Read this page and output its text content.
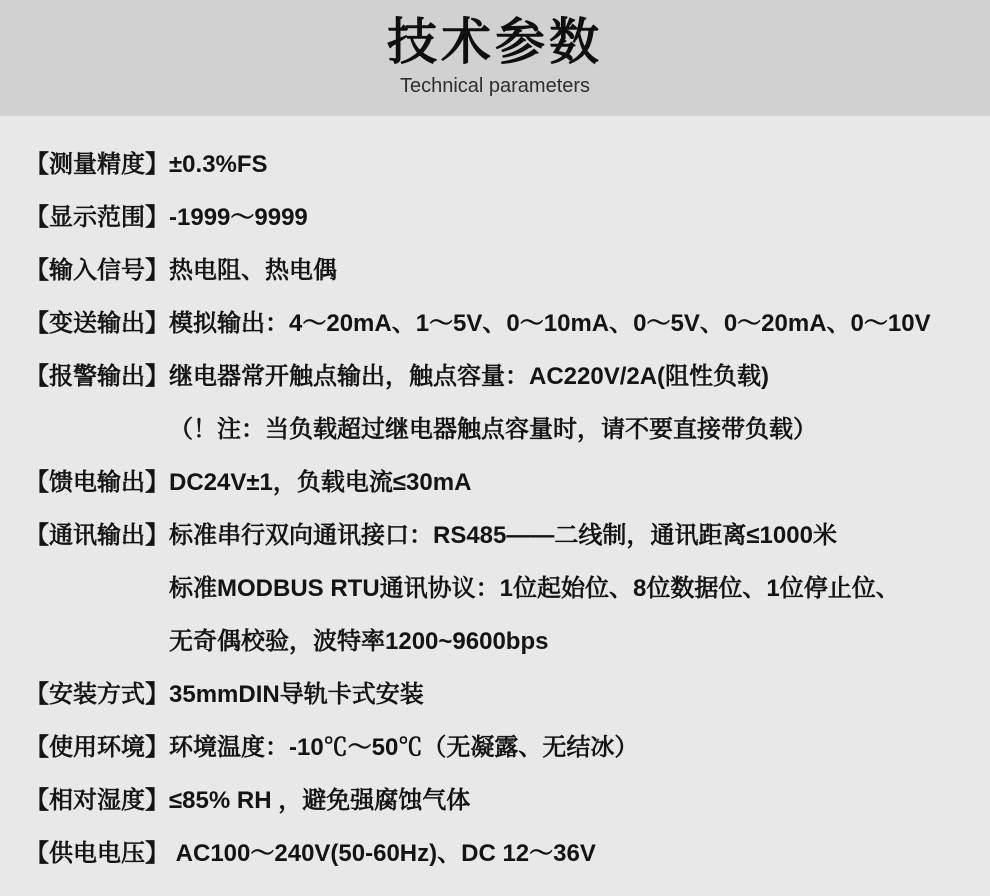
技术参数
Technical parameters
【测量精度】 ±0.3%FS
【显示范围】 -1999～9999
【输入信号】 热电阻、热电偶
【变送输出】 模拟输出：4～20mA、1～5V、0～10mA、0～5V、0～20mA、0～10V
【报警输出】 继电器常开触点输出，触点容量：AC220V/2A(阻性负载)
（！注：当负载超过继电器触点容量时，请不要直接带负载）
【馈电输出】 DC24V±1，负载电流≤30mA
【通讯输出】 标准串行双向通讯接口：RS485——二线制，通讯距离≤1000米
标准MODBUS RTU通讯协议：1位起始位、8位数据位、1位停止位、
无奇偶校验，波特率1200~9600bps
【安装方式】 35mmDIN导轨卡式安装
【使用环境】 环境温度：-10℃～50℃（无凝露、无结冰）
【相对湿度】 ≤85% RH ，避免强腐蚀气体
【供电电压】 AC100～240V(50-60Hz)、DC 12～36V
